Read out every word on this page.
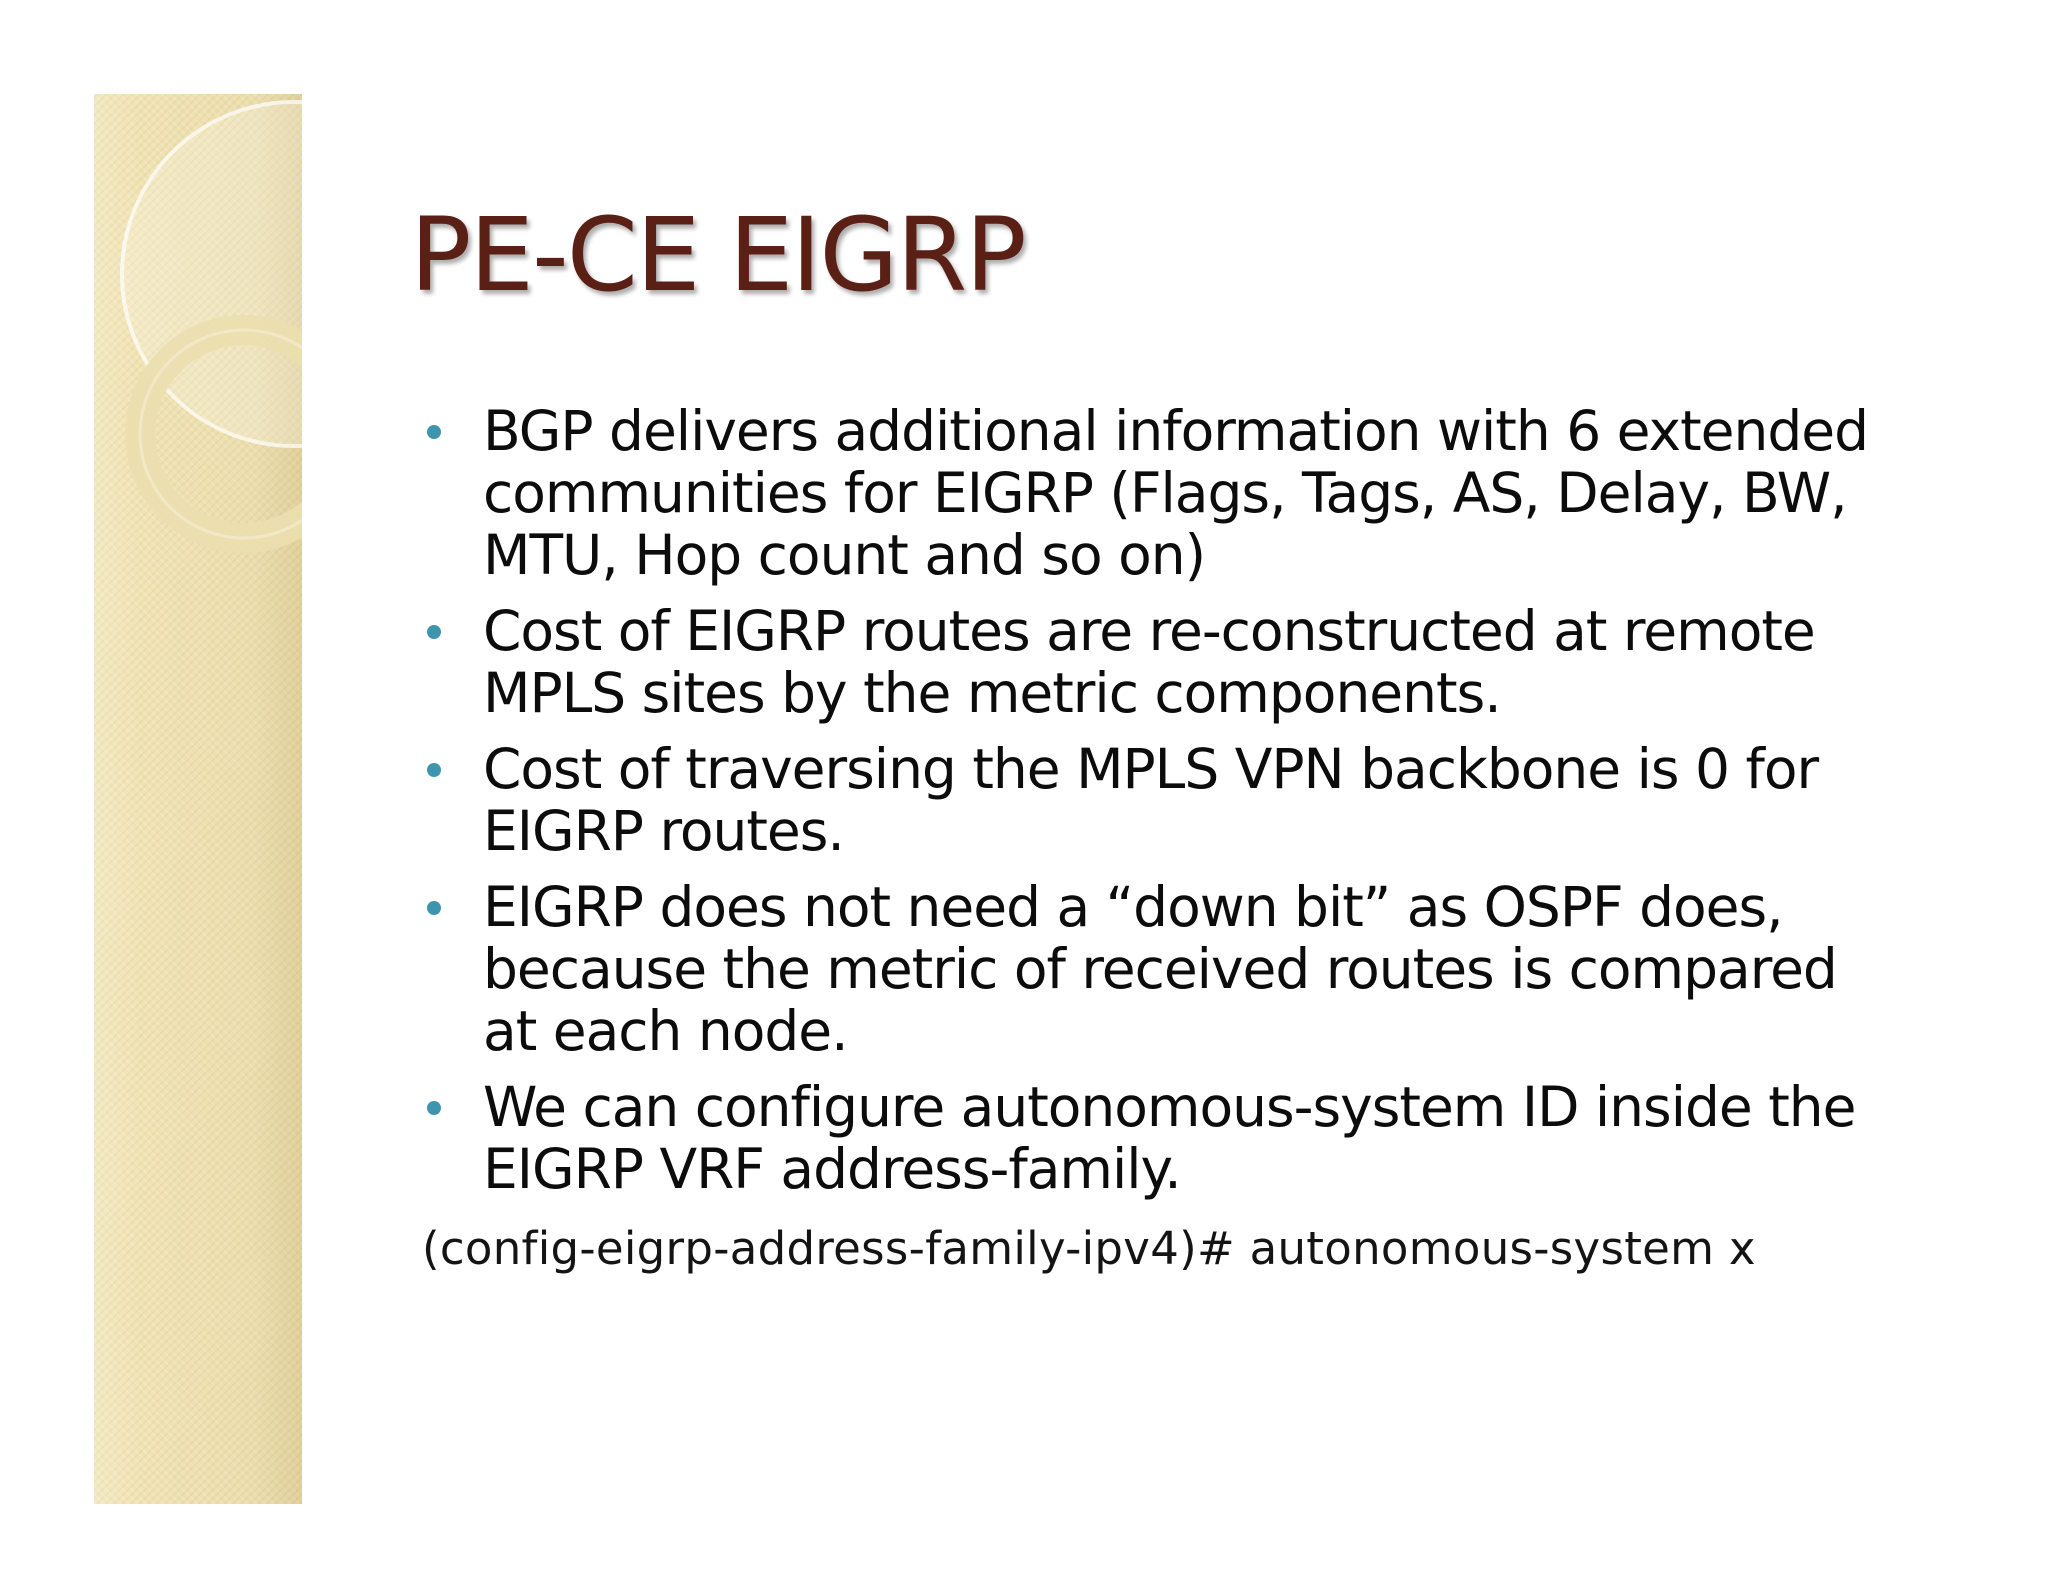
PE-CE EIGRP
BGP delivers additional information with 6 extended communities for EIGRP (Flags, Tags, AS, Delay, BW, MTU, Hop count and so on)
Cost of EIGRP routes are re-constructed at remote MPLS sites by the metric components.
Cost of traversing the MPLS VPN backbone is 0 for EIGRP routes.
EIGRP does not need a “down bit” as OSPF does, because the metric of received routes is compared at each node.
We can configure autonomous-system ID inside the EIGRP VRF address-family.

(config-eigrp-address-family-ipv4)# autonomous-system x
